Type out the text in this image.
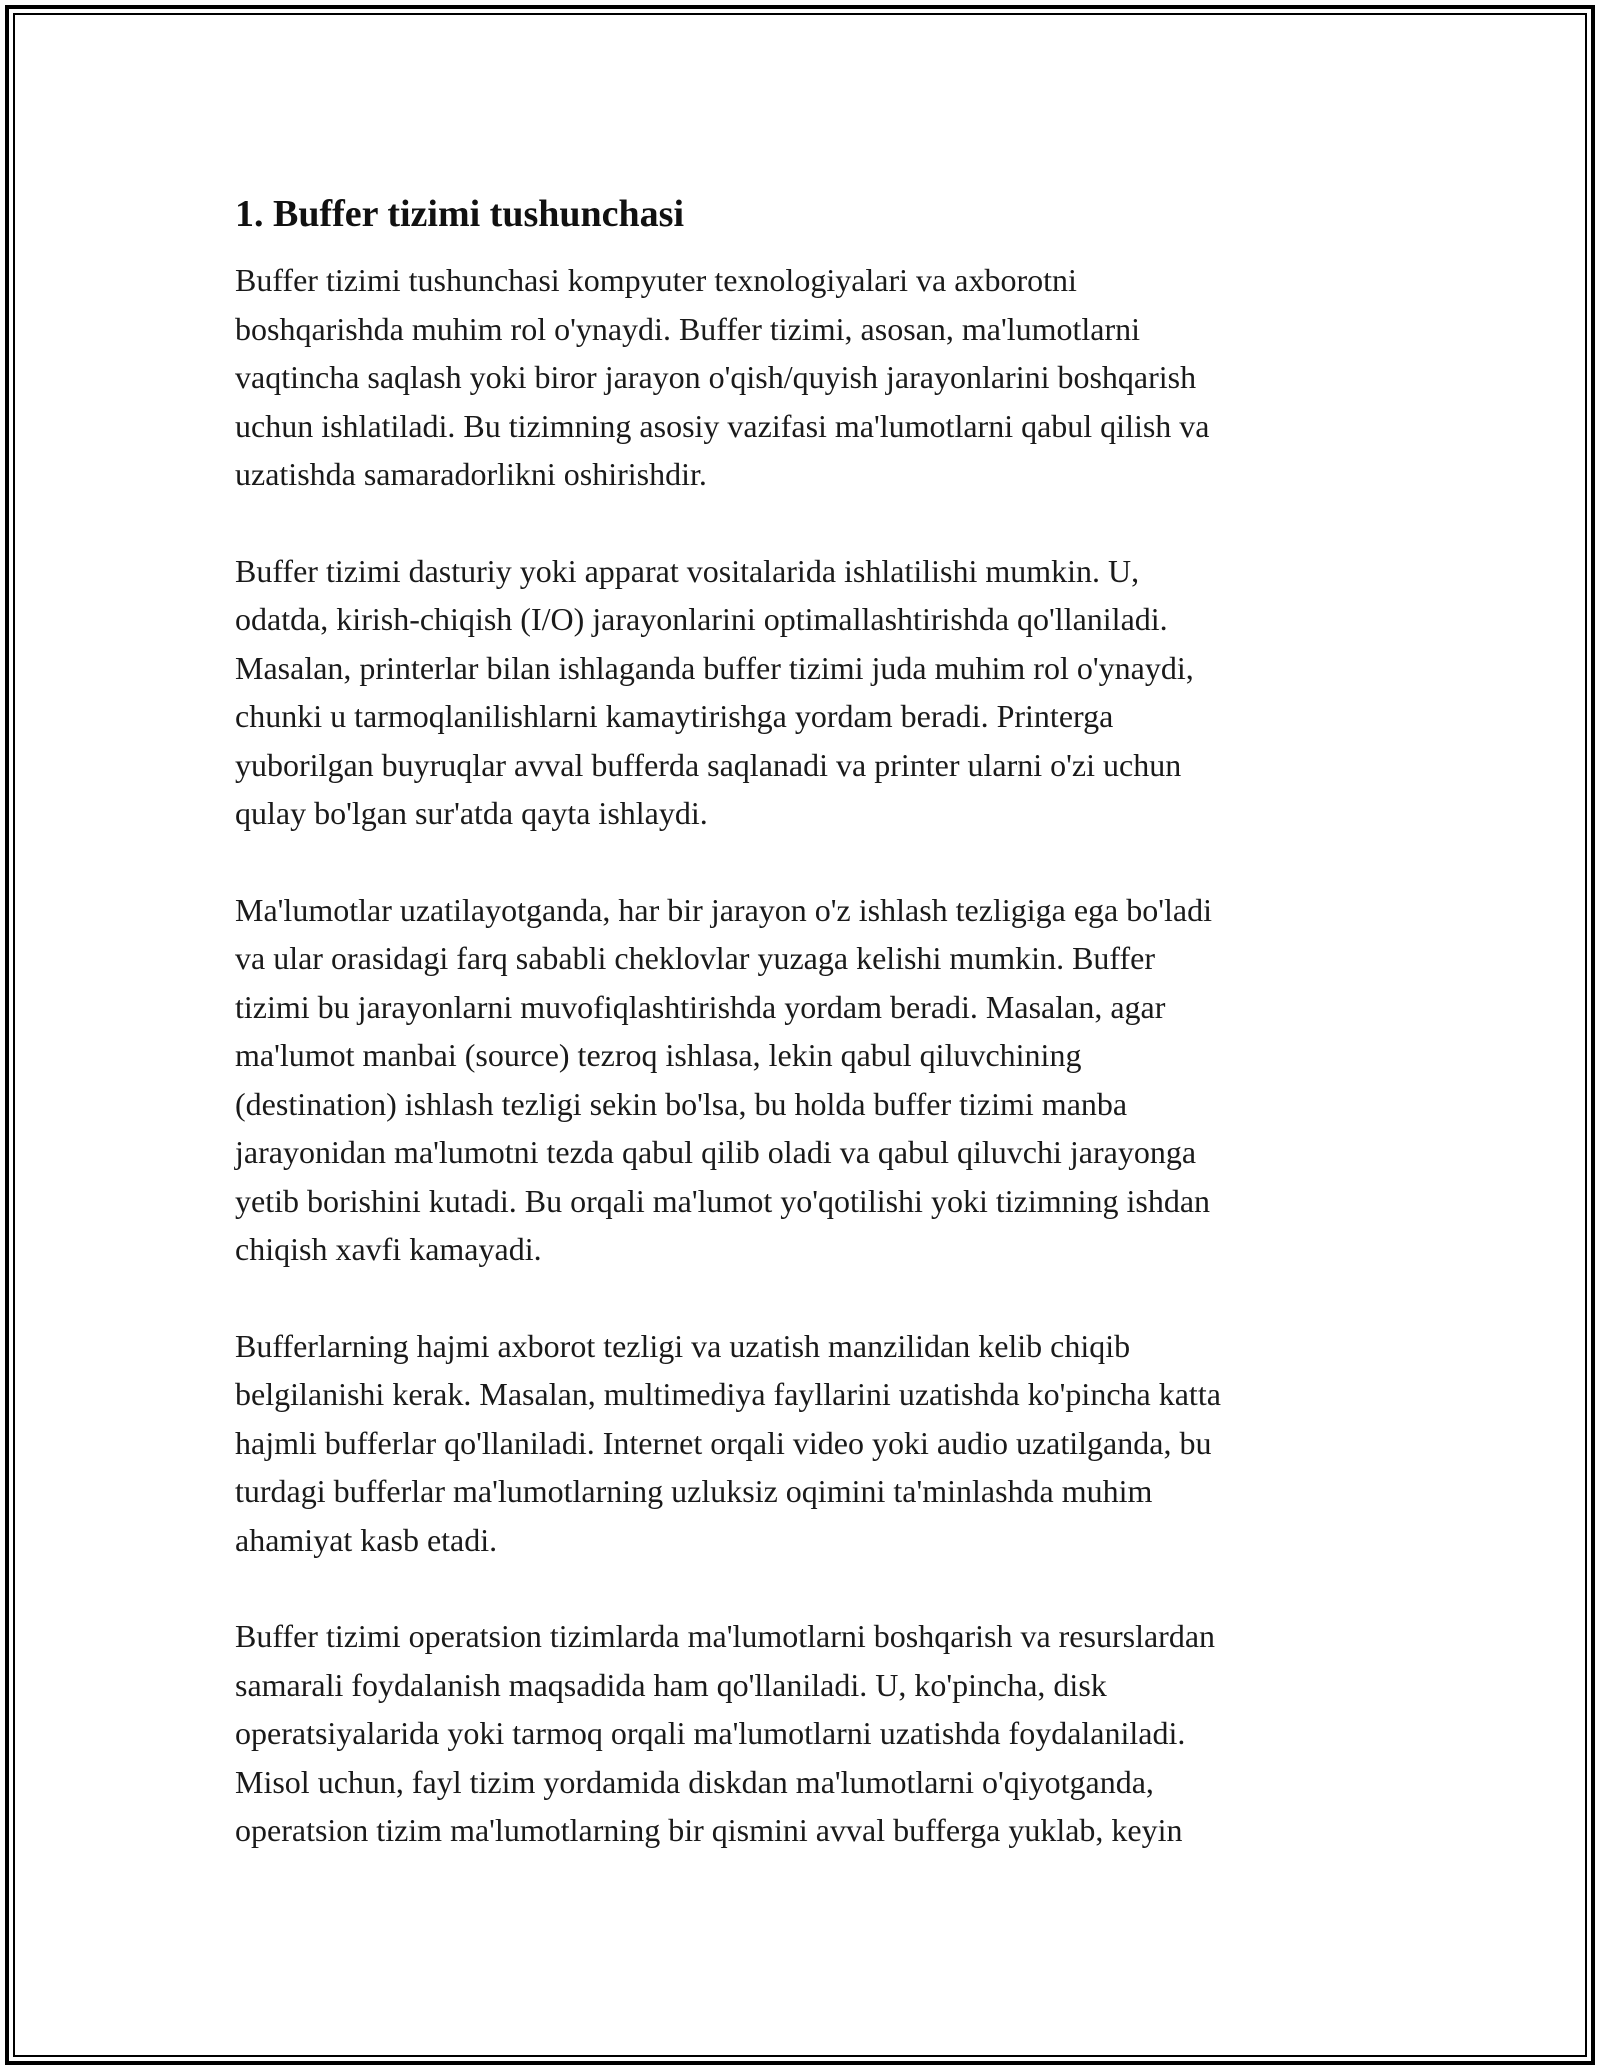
1. Buffer tizimi tushunchasi
Buffer tizimi tushunchasi kompyuter texnologiyalari va axborotni
boshqarishda muhim rol o'ynaydi. Buffer tizimi, asosan, ma'lumotlarni
vaqtincha saqlash yoki biror jarayon o'qish/quyish jarayonlarini boshqarish
uchun ishlatiladi. Bu tizimning asosiy vazifasi ma'lumotlarni qabul qilish va
uzatishda samaradorlikni oshirishdir.
Buffer tizimi dasturiy yoki apparat vositalarida ishlatilishi mumkin. U,
odatda, kirish-chiqish (I/O) jarayonlarini optimallashtirishda qo'llaniladi.
Masalan, printerlar bilan ishlaganda buffer tizimi juda muhim rol o'ynaydi,
chunki u tarmoqlanilishlarni kamaytirishga yordam beradi. Printerga
yuborilgan buyruqlar avval bufferda saqlanadi va printer ularni o'zi uchun
qulay bo'lgan sur'atda qayta ishlaydi.
Ma'lumotlar uzatilayotganda, har bir jarayon o'z ishlash tezligiga ega bo'ladi
va ular orasidagi farq sababli cheklovlar yuzaga kelishi mumkin. Buffer
tizimi bu jarayonlarni muvofiqlashtirishda yordam beradi. Masalan, agar
ma'lumot manbai (source) tezroq ishlasa, lekin qabul qiluvchining
(destination) ishlash tezligi sekin bo'lsa, bu holda buffer tizimi manba
jarayonidan ma'lumotni tezda qabul qilib oladi va qabul qiluvchi jarayonga
yetib borishini kutadi. Bu orqali ma'lumot yo'qotilishi yoki tizimning ishdan
chiqish xavfi kamayadi.
Bufferlarning hajmi axborot tezligi va uzatish manzilidan kelib chiqib
belgilanishi kerak. Masalan, multimediya fayllarini uzatishda ko'pincha katta
hajmli bufferlar qo'llaniladi. Internet orqali video yoki audio uzatilganda, bu
turdagi bufferlar ma'lumotlarning uzluksiz oqimini ta'minlashda muhim
ahamiyat kasb etadi.
Buffer tizimi operatsion tizimlarda ma'lumotlarni boshqarish va resurslardan
samarali foydalanish maqsadida ham qo'llaniladi. U, ko'pincha, disk
operatsiyalarida yoki tarmoq orqali ma'lumotlarni uzatishda foydalaniladi.
Misol uchun, fayl tizim yordamida diskdan ma'lumotlarni o'qiyotganda,
operatsion tizim ma'lumotlarning bir qismini avval bufferga yuklab, keyin
